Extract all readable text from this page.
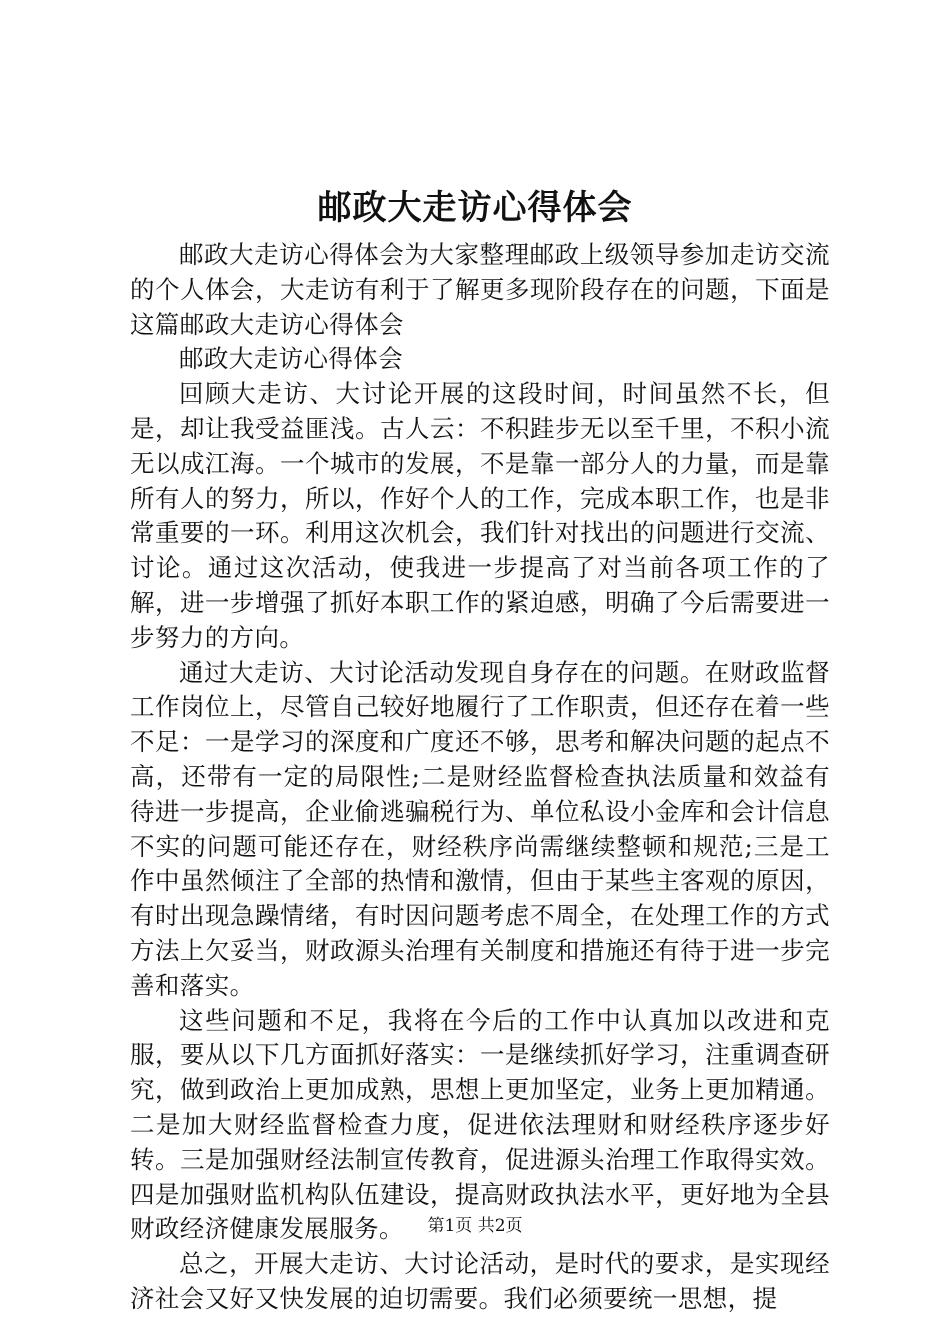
邮政大走访心得体会

邮政大走访心得体会为大家整理邮政上级领导参加走访交流的个人体会，大走访有利于了解更多现阶段存在的问题，下面是这篇邮政大走访心得体会

邮政大走访心得体会

回顾大走访、大讨论开展的这段时间，时间虽然不长，但是，却让我受益匪浅。古人云：不积跬步无以至千里，不积小流无以成江海。一个城市的发展，不是靠一部分人的力量，而是靠所有人的努力，所以，作好个人的工作，完成本职工作，也是非常重要的一环。利用这次机会，我们针对找出的问题进行交流、讨论。通过这次活动，使我进一步提高了对当前各项工作的了解，进一步增强了抓好本职工作的紧迫感，明确了今后需要进一步努力的方向。

通过大走访、大讨论活动发现自身存在的问题。在财政监督工作岗位上，尽管自己较好地履行了工作职责，但还存在着一些不足：一是学习的深度和广度还不够，思考和解决问题的起点不高，还带有一定的局限性;二是财经监督检查执法质量和效益有待进一步提高，企业偷逃骗税行为、单位私设小金库和会计信息不实的问题可能还存在，财经秩序尚需继续整顿和规范;三是工作中虽然倾注了全部的热情和激情，但由于某些主客观的原因，有时出现急躁情绪，有时因问题考虑不周全，在处理工作的方式方法上欠妥当，财政源头治理有关制度和措施还有待于进一步完善和落实。

这些问题和不足，我将在今后的工作中认真加以改进和克服，要从以下几方面抓好落实：一是继续抓好学习，注重调查研究，做到政治上更加成熟，思想上更加坚定，业务上更加精通。二是加大财经监督检查力度，促进依法理财和财经秩序逐步好转。三是加强财经法制宣传教育，促进源头治理工作取得实效。四是加强财监机构队伍建设，提高财政执法水平，更好地为全县财政经济健康发展服务。

总之，开展大走访、大讨论活动，是时代的要求，是实现经济社会又好又快发展的迫切需要。我们必须要统一思想，提

第1页 共2页
